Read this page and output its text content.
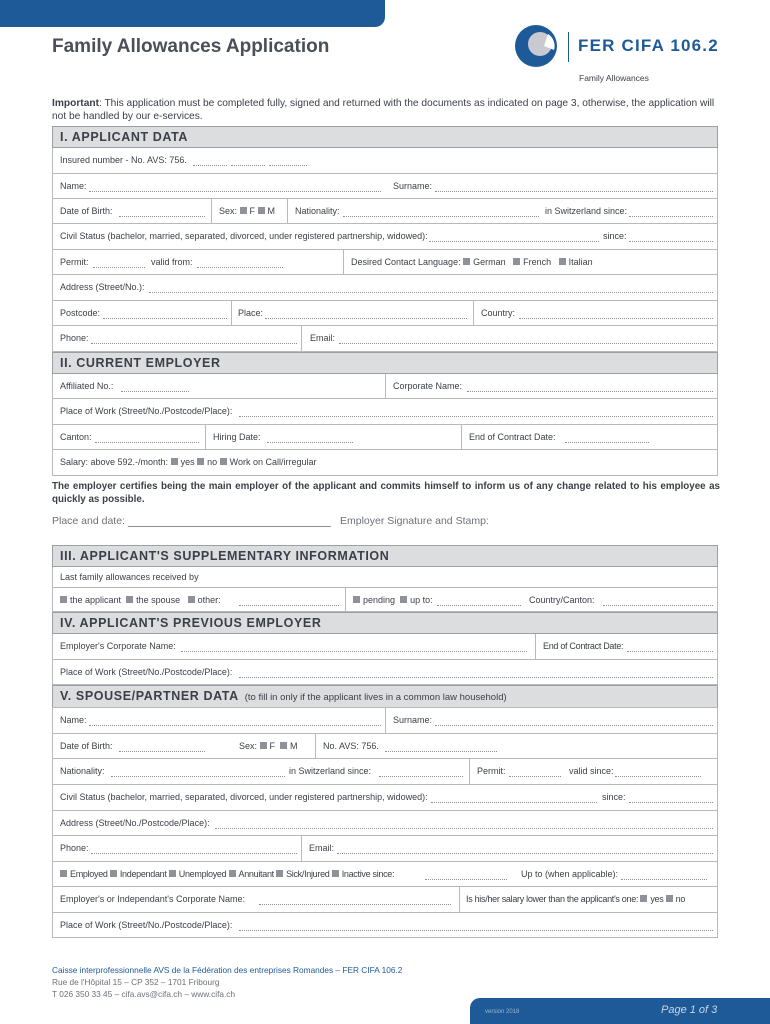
Family Allowances Application	FER CIFA 106.2
Family Allowances
Important: This application must be completed fully, signed and returned with the documents as indicated on page 3, otherwise, the application will not be handled by our e-services.
I. APPLICANT DATA
Insured number - No. AVS: 756.
Name:	Surname:
Date of Birth:	Sex: F M Nationality:	in Switzerland since:
Civil Status (bachelor, married, separated, divorced, under registered partnership, widowed):	since:
Permit:	valid from:	Desired Contact Language: German French Italian
Address (Street/No.):
Postcode:	Place:	Country:
Phone:	Email:
II. CURRENT EMPLOYER
Affiliated No.:	Corporate Name:
Place of Work (Street/No./Postcode/Place):
Canton:	Hiring Date:	End of Contract Date:
Salary: above 592.-/month: yes no Work on Call/irregular
The employer certifies being the main employer of the applicant and commits himself to inform us of any change related to his employee as quickly as possible.
Place and date:	Employer Signature and Stamp:
III. APPLICANT'S SUPPLEMENTARY INFORMATION
Last family allowances received by
the applicant the spouse other:	pending up to:	Country/Canton:
IV. APPLICANT'S PREVIOUS EMPLOYER
Employer's Corporate Name:	End of Contract Date:
Place of Work (Street/No./Postcode/Place):
V. SPOUSE/PARTNER DATA (to fill in only if the applicant lives in a common law household)
Name:	Surname:
Date of Birth:	Sex: F M	No. AVS: 756.
Nationality:	in Switzerland since:	Permit:	valid since:
Civil Status (bachelor, married, separated, divorced, under registered partnership, widowed):	since:
Address (Street/No./Postcode/Place):
Phone:	Email:
Employed Independant Unemployed Annuitant Sick/Injured Inactive since:	Up to (when applicable):
Employer's or Independant's Corporate Name:	Is his/her salary lower than the applicant's one: yes no
Place of Work (Street/No./Postcode/Place):
Caisse interprofessionnelle AVS de la Fédération des entreprises Romandes – FER CIFA 106.2
Rue de l'Hôpital 15 – CP 352 – 1701 Fribourg
T 026 350 33 45 – cifa.avs@cifa.ch – www.cifa.ch
version 2018	Page 1 of 3
